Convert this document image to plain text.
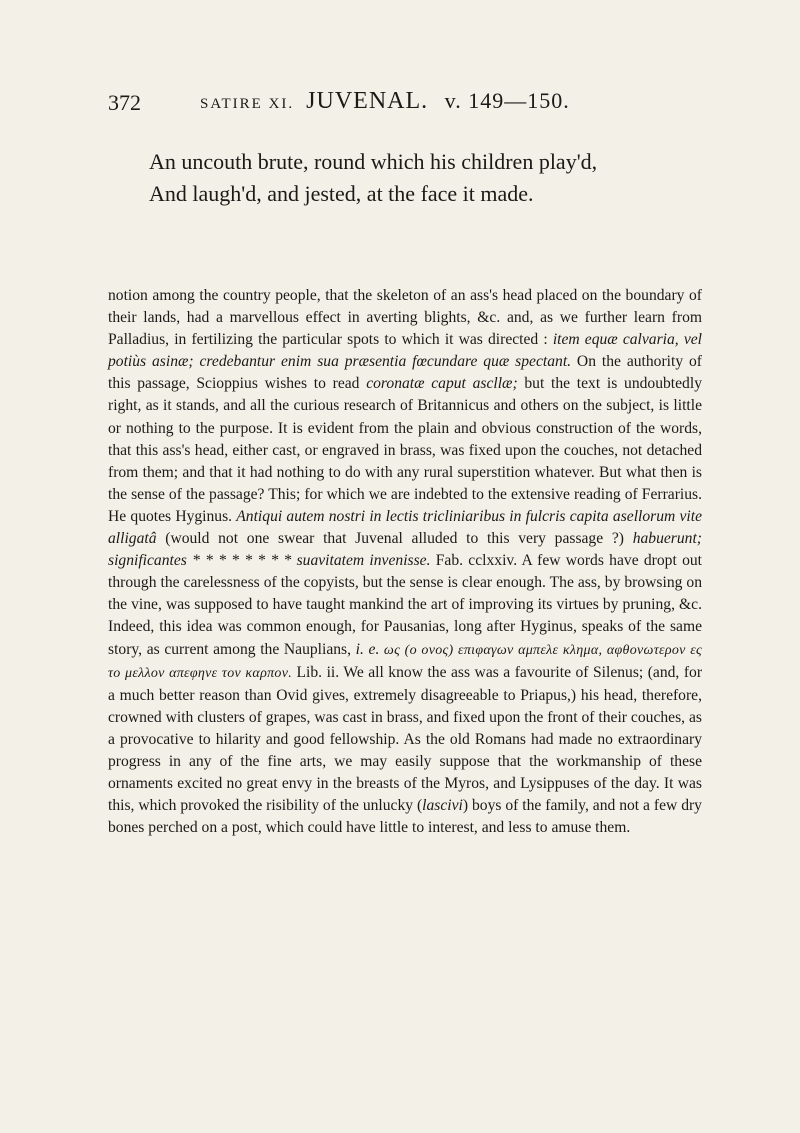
372	SATIRE XI. JUVENAL. v. 149—150.
An uncouth brute, round which his children play'd,
And laugh'd, and jested, at the face it made.

notion among the country people, that the skeleton of an ass's head placed on the boundary of their lands, had a marvellous effect in averting blights, &c. and, as we further learn from Palladius, in fertilizing the particular spots to which it was directed : item equæ calvaria, vel potiùs asinæ; credebantur enim sua præsentia fœcundare quæ spectant. On the authority of this passage, Scioppius wishes to read coronatæ caput ascllæ; but the text is undoubtedly right, as it stands, and all the curious research of Britannicus and others on the subject, is little or nothing to the purpose. It is evident from the plain and obvious construction of the words, that this ass's head, either cast, or engraved in brass, was fixed upon the couches, not detached from them; and that it had nothing to do with any rural superstition whatever. But what then is the sense of the passage? This; for which we are indebted to the extensive reading of Ferrarius. He quotes Hyginus. Antiqui autem nostri in lectis tricliniaribus in fulcris capita asellorum vite alligatâ (would not one swear that Juvenal alluded to this very passage ?) habuerunt; significantes * * * * * * * * suavitatem invenisse. Fab. cclxxiv. A few words have dropt out through the carelessness of the copyists, but the sense is clear enough. The ass, by browsing on the vine, was supposed to have taught mankind the art of improving its virtues by pruning, &c. Indeed, this idea was common enough, for Pausanias, long after Hyginus, speaks of the same story, as current among the Nauplians, i. e. ως (ο ονος) επιφαγων αμπελε κλημα, αφθονωτερον ες το μελλον απεφηνε τον καρπον. Lib. ii. We all know the ass was a favourite of Silenus; (and, for a much better reason than Ovid gives, extremely disagreeable to Priapus,) his head, therefore, crowned with clusters of grapes, was cast in brass, and fixed upon the front of their couches, as a provocative to hilarity and good fellowship. As the old Romans had made no extraordinary progress in any of the fine arts, we may easily suppose that the workmanship of these ornaments excited no great envy in the breasts of the Myros, and Lysippuses of the day. It was this, which provoked the risibility of the unlucky (lascivi) boys of the family, and not a few dry bones perched on a post, which could have little to interest, and less to amuse them.
